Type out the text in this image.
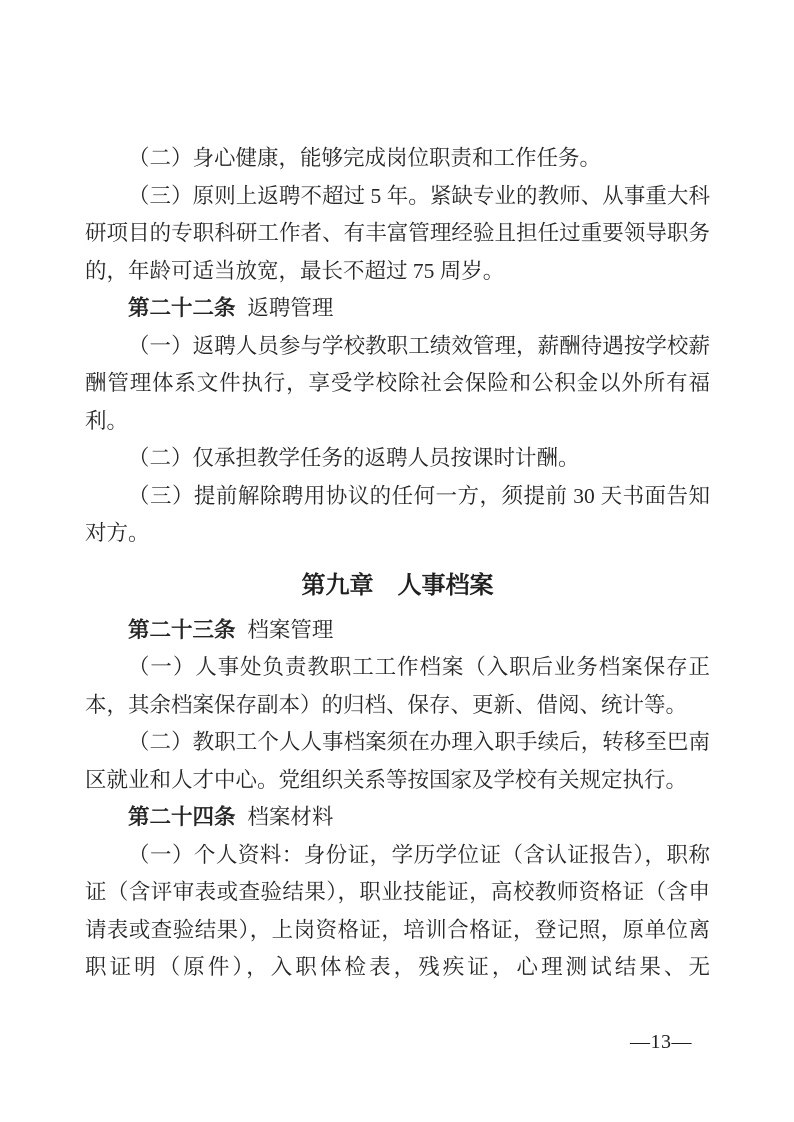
（二）身心健康，能够完成岗位职责和工作任务。

（三）原则上返聘不超过 5 年。紧缺专业的教师、从事重大科研项目的专职科研工作者、有丰富管理经验且担任过重要领导职务的，年龄可适当放宽，最长不超过 75 周岁。

第二十二条 返聘管理

（一）返聘人员参与学校教职工绩效管理，薪酬待遇按学校薪酬管理体系文件执行，享受学校除社会保险和公积金以外所有福利。

（二）仅承担教学任务的返聘人员按课时计酬。

（三）提前解除聘用协议的任何一方，须提前 30 天书面告知对方。

第九章 人事档案

第二十三条 档案管理

（一）人事处负责教职工工作档案（入职后业务档案保存正本，其余档案保存副本）的归档、保存、更新、借阅、统计等。

（二）教职工个人人事档案须在办理入职手续后，转移至巴南区就业和人才中心。党组织关系等按国家及学校有关规定执行。

第二十四条 档案材料

（一）个人资料：身份证，学历学位证（含认证报告），职称证（含评审表或查验结果），职业技能证，高校教师资格证（含申请表或查验结果），上岗资格证，培训合格证，登记照，原单位离职证明（原件），入职体检表，残疾证，心理测试结果、无

—13—
